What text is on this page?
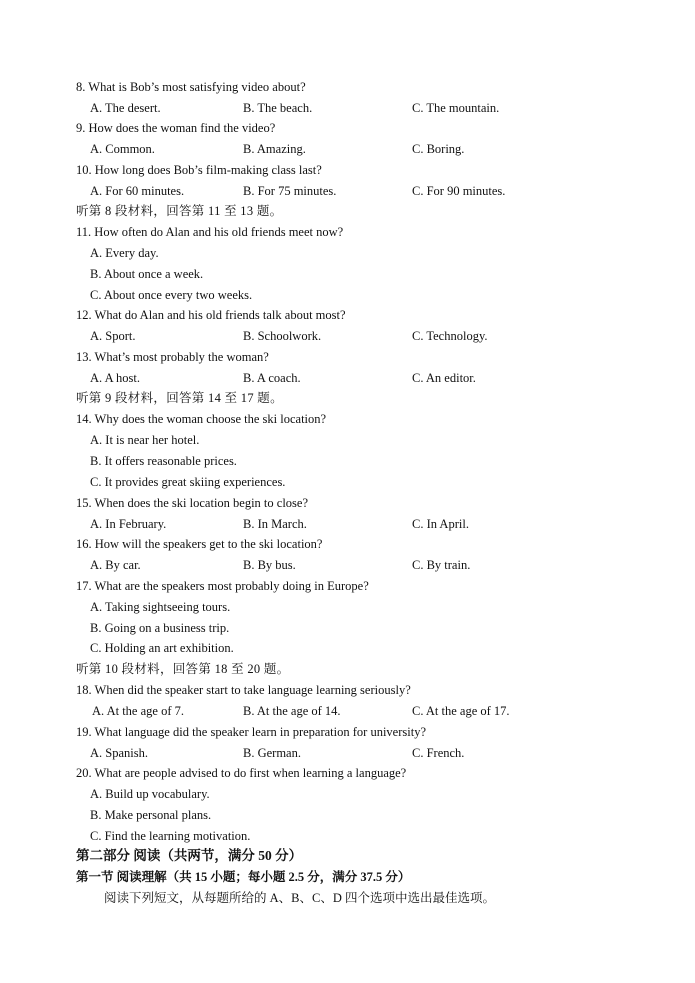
8. What is Bob’s most satisfying video about?
A. The desert.	B. The beach.	C. The mountain.
9. How does the woman find the video?
A. Common.	B. Amazing.	C. Boring.
10. How long does Bob’s film-making class last?
A. For 60 minutes.	B. For 75 minutes.	C. For 90 minutes.
听第 8 段材料，回答第 11 至 13 题。
11. How often do Alan and his old friends meet now?
A. Every day.
B. About once a week.
C. About once every two weeks.
12. What do Alan and his old friends talk about most?
A. Sport.	B. Schoolwork.	C. Technology.
13. What’s most probably the woman?
A. A host.	B. A coach.	C. An editor.
听第 9 段材料，回答第 14 至 17 题。
14. Why does the woman choose the ski location?
A. It is near her hotel.
B. It offers reasonable prices.
C. It provides great skiing experiences.
15. When does the ski location begin to close?
A. In February.	B. In March.	C. In April.
16. How will the speakers get to the ski location?
A. By car.	B. By bus.	C. By train.
17. What are the speakers most probably doing in Europe?
A. Taking sightseeing tours.
B. Going on a business trip.
C. Holding an art exhibition.
听第 10 段材料，回答第 18 至 20 题。
18. When did the speaker start to take language learning seriously?
A. At the age of 7.	B. At the age of 14.	C. At the age of 17.
19. What language did the speaker learn in preparation for university?
A. Spanish.	B. German.	C. French.
20. What are people advised to do first when learning a language?
A. Build up vocabulary.
B. Make personal plans.
C. Find the learning motivation.
第二部分 阅读（共两节，满分 50 分）
第一节 阅读理解（共 15 小题；每小题 2.5 分，满分 37.5 分）
阅读下列短文，从每题所给的 A、B、C、D 四个选项中选出最佳选项。
